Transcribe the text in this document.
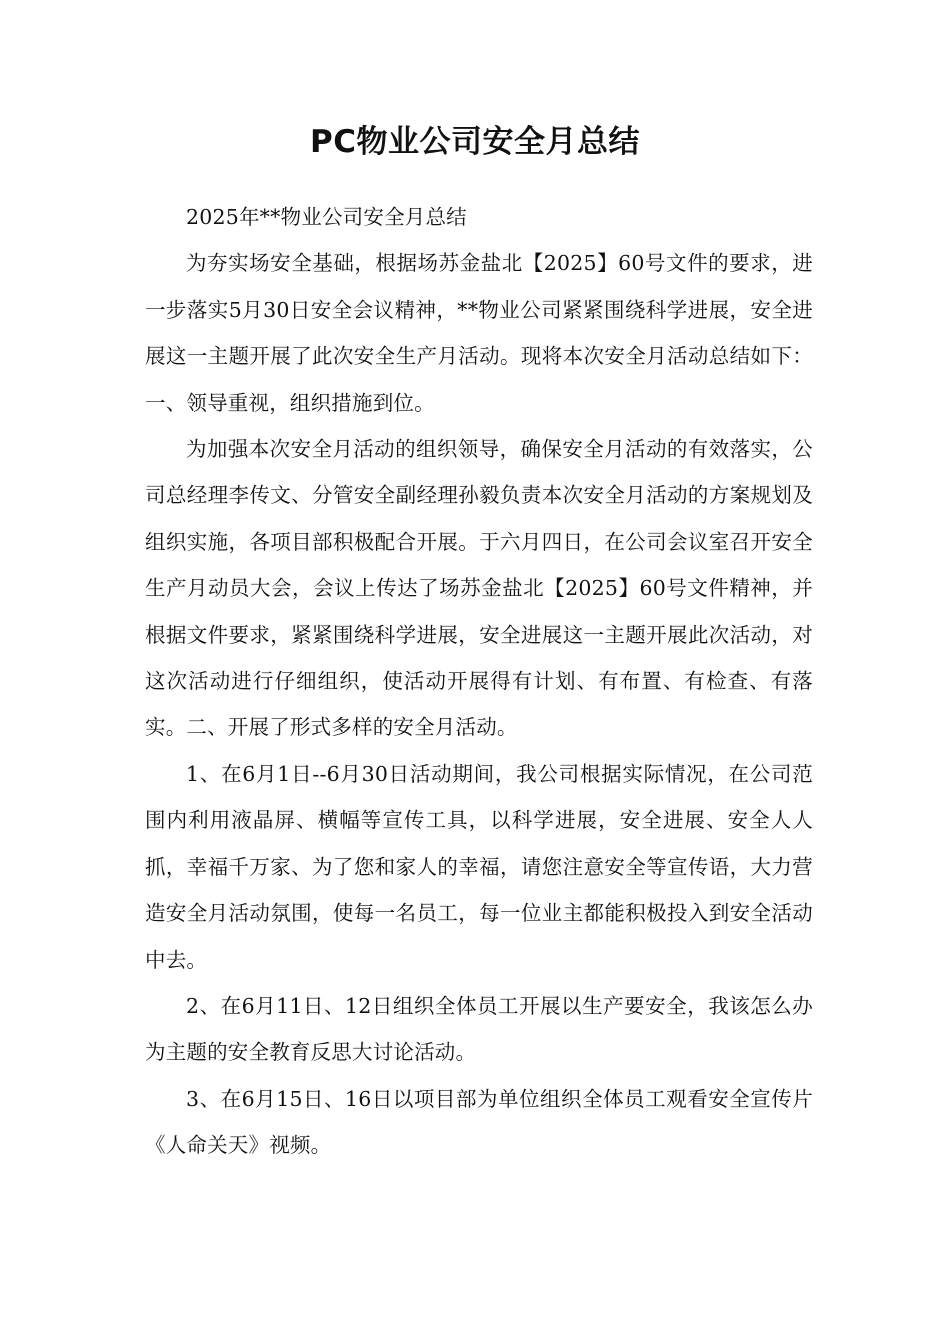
PC物业公司安全月总结

2025年**物业公司安全月总结

为夯实场安全基础，根据场苏金盐北【2025】60号文件的要求，进一步落实5月30日安全会议精神，**物业公司紧紧围绕科学进展，安全进展这一主题开展了此次安全生产月活动。现将本次安全月活动总结如下：一、领导重视，组织措施到位。

为加强本次安全月活动的组织领导，确保安全月活动的有效落实，公司总经理李传文、分管安全副经理孙毅负责本次安全月活动的方案规划及组织实施，各项目部积极配合开展。于六月四日，在公司会议室召开安全生产月动员大会，会议上传达了场苏金盐北【2025】60号文件精神，并根据文件要求，紧紧围绕科学进展，安全进展这一主题开展此次活动，对这次活动进行仔细组织，使活动开展得有计划、有布置、有检查、有落实。二、开展了形式多样的安全月活动。

1、在6月1日--6月30日活动期间，我公司根据实际情况，在公司范围内利用液晶屏、横幅等宣传工具，以科学进展，安全进展、安全人人抓，幸福千万家、为了您和家人的幸福，请您注意安全等宣传语，大力营造安全月活动氛围，使每一名员工，每一位业主都能积极投入到安全活动中去。

2、在6月11日、12日组织全体员工开展以生产要安全，我该怎么办为主题的安全教育反思大讨论活动。

3、在6月15日、16日以项目部为单位组织全体员工观看安全宣传片《人命关天》视频。
